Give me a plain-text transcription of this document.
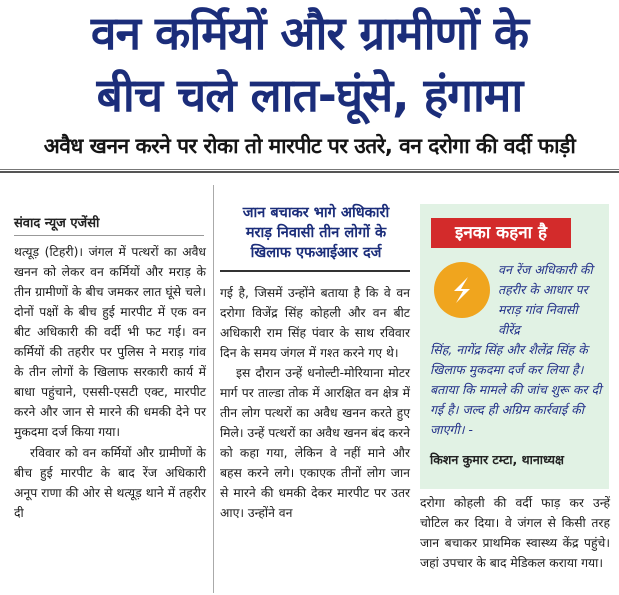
वन कर्मियों और ग्रामीणों के
बीच चले लात-घूंसे, हंगामा
अवैध खनन करने पर रोका तो मारपीट पर उतरे, वन दरोगा की वर्दी फाड़ी
संवाद न्यूज एजेंसी

थत्यूड़ (टिहरी)। जंगल में पत्थरों का अवैध खनन को लेकर वन कर्मियों और मराड़ के तीन ग्रामीणों के बीच जमकर लात घूंसे चले। दोनों पक्षों के बीच हुई मारपीट में एक वन बीट अधिकारी की वर्दी भी फट गई। वन कर्मियों की तहरीर पर पुलिस ने मराड़ गांव के तीन लोगों के खिलाफ सरकारी कार्य में बाधा पहुंचाने, एससी-एसटी एक्ट, मारपीट करने और जान से मारने की धमकी देने पर मुकदमा दर्ज किया गया।

रविवार को वन कर्मियों और ग्रामीणों के बीच हुई मारपीट के बाद रेंज अधिकारी अनूप राणा की ओर से थत्यूड़ थाने में तहरीर दी

जान बचाकर भागे अधिकारी
मराड़ निवासी तीन लोगों के
खिलाफ एफआईआर दर्ज

गई है, जिसमें उन्होंने बताया है कि वे वन दरोगा विजेंद्र सिंह कोहली और वन बीट अधिकारी राम सिंह पंवार के साथ रविवार दिन के समय जंगल में गश्त करने गए थे।

इस दौरान उन्हें धनोल्टी-मोरियाना मोटर मार्ग पर ताल्डा तोक में आरक्षित वन क्षेत्र में तीन लोग पत्थरों का अवैध खनन करते हुए मिले। उन्हें पत्थरों का अवैध खनन बंद करने को कहा गया, लेकिन वे नहीं माने और बहस करने लगे। एकाएक तीनों लोग जान से मारने की धमकी देकर मारपीट पर उतर आए। उन्होंने वन

इनका कहना है
वन रेंज अधिकारी की तहरीर के आधार पर मराड़ गांव निवासी वीरेंद्र
सिंह, नागेंद्र सिंह और शैलेंद्र सिंह के खिलाफ मुकदमा दर्ज कर लिया है। बताया कि मामले की जांच शुरू कर दी गई है। जल्द ही अग्रिम कार्रवाई की जाएगी। -
किशन कुमार टम्टा, थानाध्यक्ष

दरोगा कोहली की वर्दी फाड़ कर उन्हें चोटिल कर दिया। वे जंगल से किसी तरह जान बचाकर प्राथमिक स्वास्थ्य केंद्र पहुंचे। जहां उपचार के बाद मेडिकल कराया गया।
